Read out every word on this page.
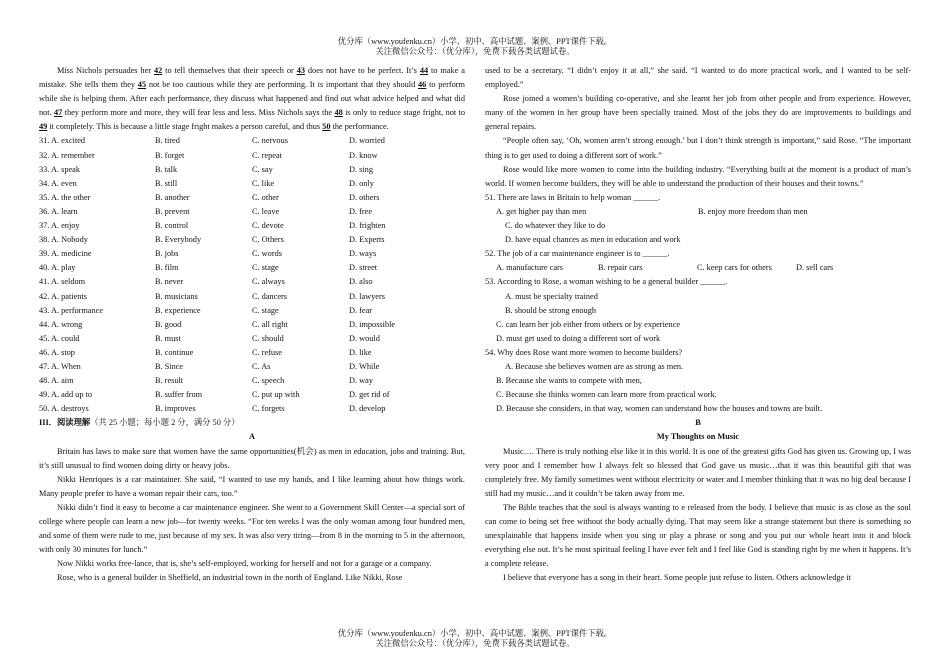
优分库（www.youfenku.cn）小学、初中、高中试题、案例、PPT课件下载。
关注微信公众号：（优分库），免费下载各类试题试卷。

Miss Nichols persuades her 42 to tell themselves that their speech or 43 does not have to be perfect. It’s 44 to make a mistake. She tells them they 45 not be too cautious while they are performing. It is important that they should 46 to perform while she is helping them. After each performance, they discuss what happened and find out what advice helped and what did not. 47 they perform more and more, they will fear less and less. Miss Nichols says the 48 is only to reduce stage fright, not to 49 it completely. This is because a little stage fright makes a person careful, and thus 50 the performance.

31. A. excited	B. tired	C. nervous	D. worried
32. A. remember	B. forget	C. repeat	D. know
33. A. speak	B. talk	C. say	D. sing
34. A. even	B. still	C. like	D. only
35. A. the other	B. another	C. other	D. others
36. A. learn	B. prevent	C. leave	D. free
37. A. enjoy	B. control	C. devote	D. frighten
38. A. Nobody	B. Everybody	C. Others	D. Experts
39. A. medicine	B. jobs	C. words	D. ways
40. A. play	B. film	C. stage	D. street
41. A. seldom	B. never	C. always	D. also
42. A. patients	B. musicians	C. dancers	D. lawyers
43. A. performance	B. experience	C. stage	D. fear
44. A. wrong	B. good	C. all right	D. impossible
45. A. could	B. must	C. should	D. would
46. A. stop	B. continue	C. refuse	D. like
47. A. When	B. Since	C. As	D. While
48. A. aim	B. result	C. speech	D. way
49. A. add up to	B. suffer from	C. put up with	D. get rid of
50. A. destroys	B. improves	C. forgets	D. develop
III．阅读理解（共 25 小题；每小题 2 分，满分 50 分）
A

Britain has laws to make sure that women have the same opportunities(机会) as men in education, jobs and training. But, it’s still unusual to find women doing dirty or heavy jobs.

Nikki Henriques is a car maintainer. She said, “I wanted to use my hands, and I like learning about how things work. Many people prefer to have a woman repair their cars, too.”

Nikki didn’t find it easy to become a car maintenance engineer. She went to a Government Skill Center—a special sort of college where people can learn a new job—for twenty weeks. “For ten weeks I was the only woman among four hundred men, and some of them were rude to me, just because of my sex. It was also very tiring—from 8 in the morning to 5 in the afternoon, with only 30 minutes for lunch.”

Now Nikki works free-lance, that is, she’s self-employed, working for herself and not for a garage or a company.

Rose, who is a general builder in Sheffield, an industrial town in the north of England. Like Nikki, Rose

used to be a secretary. “I didn’t enjoy it at all,” she said. “I wanted to do more practical work, and I wanted to be self-employed.”

Rose joined a women’s building co-operative, and she learnt her job from other people and from experience. However, many of the women in her group have been specially trained. Most of the jobs they do are improvements to buildings and general repairs.

“People often say, ‘Oh, women aren’t strong enough.’ but I don’t think strength is important,” said Rose. “The important thing is to get used to doing a different sort of work.”

Rose would like more women to come into the building industry. “Everything built at the moment is a product of man’s world. If women become builders, they will be able to understand the production of their houses and their towns.”

51. There are laws in Britain to help woman ______.
A. get higher pay than men	B. enjoy more freedom than men
C. do whatever they like to do
D. have equal chances as men in education and work
52. The job of a car maintenance engineer is to ______.
A. manufacture cars	B. repair cars	C. keep cars for others	D. sell cars
53. According to Rose, a woman wishing to be a general builder ______.
A. must be specialty trained
B. should be strong enough
C. can learn her job either from others or by experience
D. must get used to doing a different sort of work
54. Why does Rose want more women to become builders?
A. Because she believes women are as strong as men.
B. Because she wants to compete with men,
C. Because she thinks women can learn more from practical work.
D. Because she considers, in that way, women can understand how the houses and towns are built.
B
My Thoughts on Music

Music…. There is truly nothing else like it in this world. It is one of the greatest gifts God has given us. Growing up, I was very poor and I remember how I always felt so blessed that God gave us music…that it was this beautiful gift that was completely free. My family sometimes went without electricity or water and I member thinking that it was no big deal because I still had my music…and it couldn’t be taken away from me.

The Bible teaches that the soul is always wanting to e released from the body. I believe that music is as close as the soul can come to being set free without the body actually dying. That may seem like a strange statement but there is something so unexplainable that happens inside when you sing or play a phrase or song and you put our whole heart into it and block everything else out. It’s he most spiritual feeling I have ever felt and I feel like God is standing right by me when it happens. It’s a complete release.

I believe that everyone has a song in their heart. Some people just refuse to listen. Others acknowledge it

优分库（www.youfenku.cn）小学、初中、高中试题、案例、PPT课件下载。
关注微信公众号：（优分库），免费下载各类试题试卷。
